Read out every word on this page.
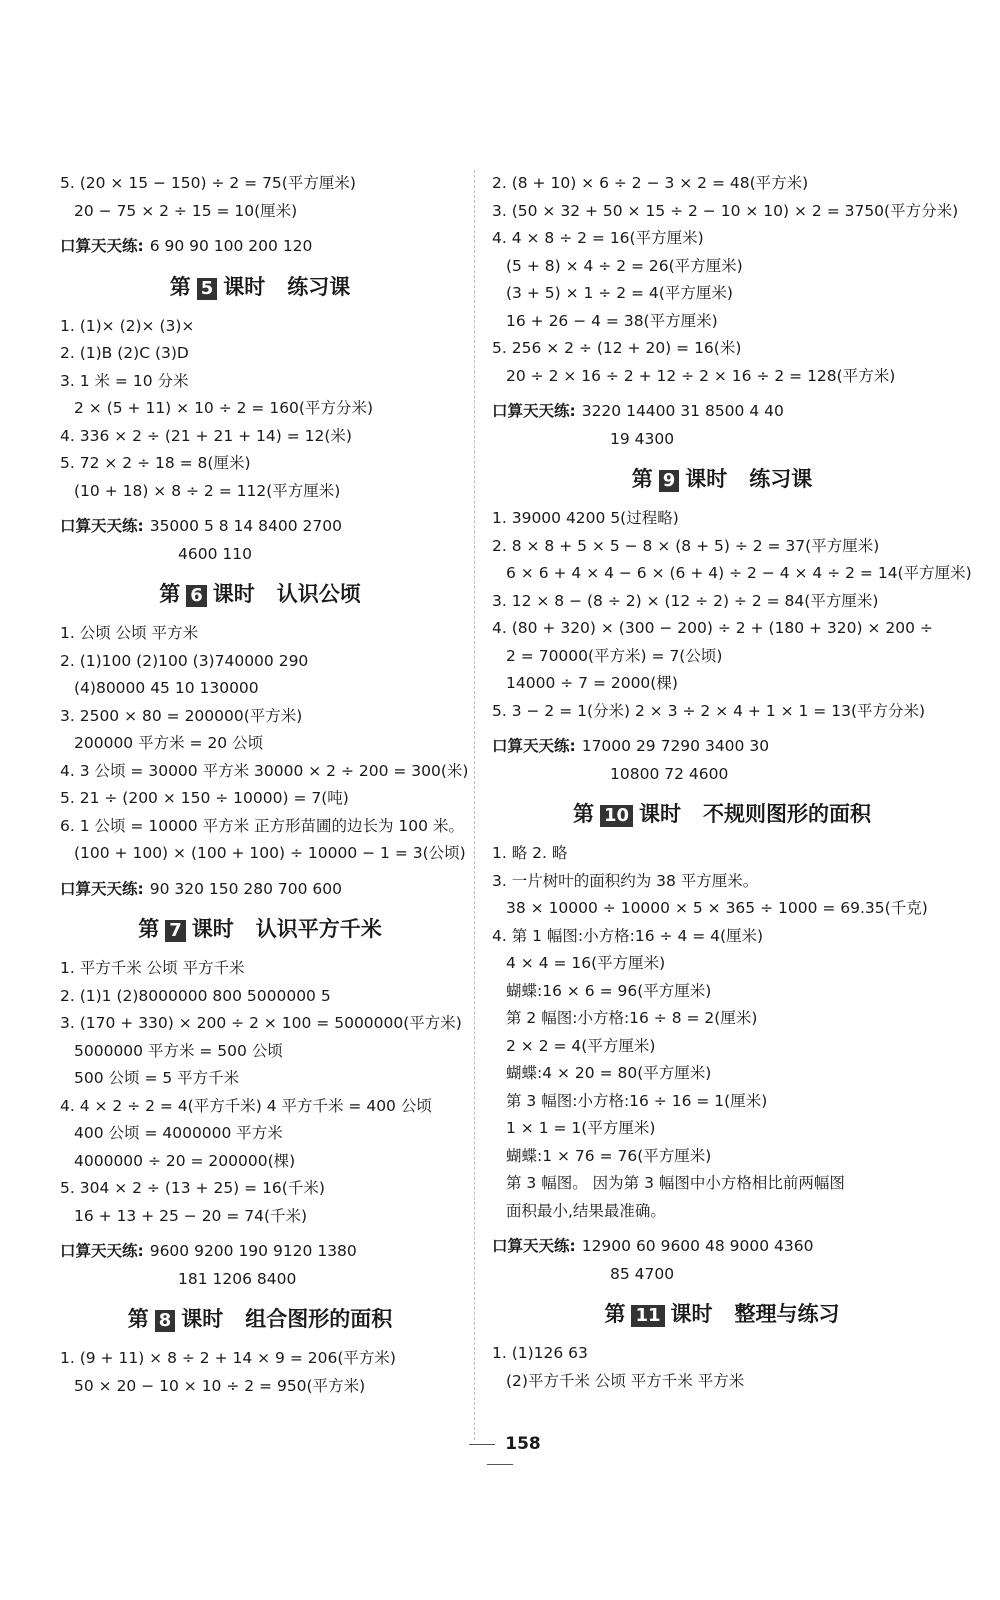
5. (20 × 15 − 150) ÷ 2 = 75(平方厘米)
20 − 75 × 2 ÷ 15 = 10(厘米)
口算天天练: 6 90 90 100 200 120
第 5 课时 练习课
1. (1)× (2)× (3)×
2. (1)B (2)C (3)D
3. 1 米 = 10 分米
2 × (5 + 11) × 10 ÷ 2 = 160(平方分米)
4. 336 × 2 ÷ (21 + 21 + 14) = 12(米)
5. 72 × 2 ÷ 18 = 8(厘米)
(10 + 18) × 8 ÷ 2 = 112(平方厘米)
口算天天练: 35000 5 8 14 8400 2700
4600 110
第 6 课时 认识公顷
1. 公顷 公顷 平方米
2. (1)100 (2)100 (3)740000 290
(4)80000 45 10 130000
3. 2500 × 80 = 200000(平方米)
200000 平方米 = 20 公顷
4. 3 公顷 = 30000 平方米 30000 × 2 ÷ 200 = 300(米)
5. 21 ÷ (200 × 150 ÷ 10000) = 7(吨)
6. 1 公顷 = 10000 平方米 正方形苗圃的边长为 100 米。
(100 + 100) × (100 + 100) ÷ 10000 − 1 = 3(公顷)
口算天天练: 90 320 150 280 700 600
第 7 课时 认识平方千米
1. 平方千米 公顷 平方千米
2. (1)1 (2)8000000 800 5000000 5
3. (170 + 330) × 200 ÷ 2 × 100 = 5000000(平方米)
5000000 平方米 = 500 公顷
500 公顷 = 5 平方千米
4. 4 × 2 ÷ 2 = 4(平方千米) 4 平方千米 = 400 公顷
400 公顷 = 4000000 平方米
4000000 ÷ 20 = 200000(棵)
5. 304 × 2 ÷ (13 + 25) = 16(千米)
16 + 13 + 25 − 20 = 74(千米)
口算天天练: 9600 9200 190 9120 1380
181 1206 8400
第 8 课时 组合图形的面积
1. (9 + 11) × 8 ÷ 2 + 14 × 9 = 206(平方米)
50 × 20 − 10 × 10 ÷ 2 = 950(平方米)
2. (8 + 10) × 6 ÷ 2 − 3 × 2 = 48(平方米)
3. (50 × 32 + 50 × 15 ÷ 2 − 10 × 10) × 2 = 3750(平方分米)
4. 4 × 8 ÷ 2 = 16(平方厘米)
(5 + 8) × 4 ÷ 2 = 26(平方厘米)
(3 + 5) × 1 ÷ 2 = 4(平方厘米)
16 + 26 − 4 = 38(平方厘米)
5. 256 × 2 ÷ (12 + 20) = 16(米)
20 ÷ 2 × 16 ÷ 2 + 12 ÷ 2 × 16 ÷ 2 = 128(平方米)
口算天天练: 3220 14400 31 8500 4 40
19 4300
第 9 课时 练习课
1. 39000 4200 5(过程略)
2. 8 × 8 + 5 × 5 − 8 × (8 + 5) ÷ 2 = 37(平方厘米)
6 × 6 + 4 × 4 − 6 × (6 + 4) ÷ 2 − 4 × 4 ÷ 2 = 14(平方厘米)
3. 12 × 8 − (8 ÷ 2) × (12 ÷ 2) ÷ 2 = 84(平方厘米)
4. (80 + 320) × (300 − 200) ÷ 2 + (180 + 320) × 200 ÷
2 = 70000(平方米) = 7(公顷)
14000 ÷ 7 = 2000(棵)
5. 3 − 2 = 1(分米) 2 × 3 ÷ 2 × 4 + 1 × 1 = 13(平方分米)
口算天天练: 17000 29 7290 3400 30
10800 72 4600
第 10 课时 不规则图形的面积
1. 略 2. 略
3. 一片树叶的面积约为 38 平方厘米。
38 × 10000 ÷ 10000 × 5 × 365 ÷ 1000 = 69.35(千克)
4. 第 1 幅图:小方格:16 ÷ 4 = 4(厘米)
4 × 4 = 16(平方厘米)
蝴蝶:16 × 6 = 96(平方厘米)
第 2 幅图:小方格:16 ÷ 8 = 2(厘米)
2 × 2 = 4(平方厘米)
蝴蝶:4 × 20 = 80(平方厘米)
第 3 幅图:小方格:16 ÷ 16 = 1(厘米)
1 × 1 = 1(平方厘米)
蝴蝶:1 × 76 = 76(平方厘米)
第 3 幅图。 因为第 3 幅图中小方格相比前两幅图
面积最小,结果最准确。
口算天天练: 12900 60 9600 48 9000 4360
85 4700
第 11 课时 整理与练习
1. (1)126 63
(2)平方千米 公顷 平方千米 平方米
158
